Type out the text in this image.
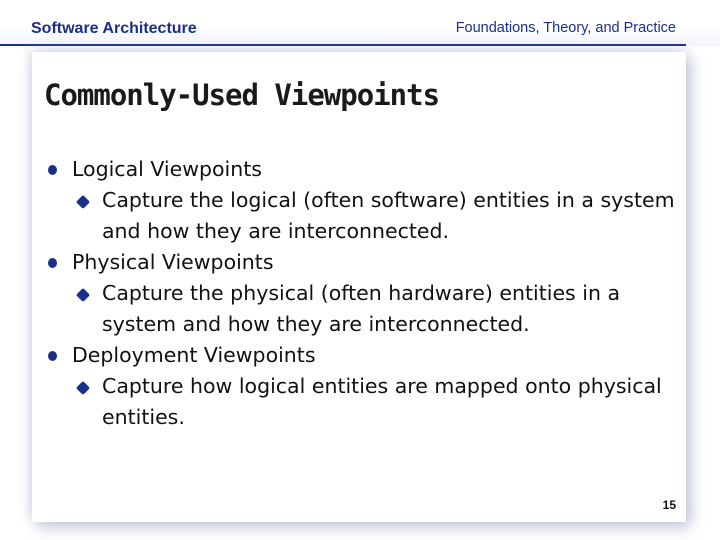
Software Architecture	Foundations, Theory, and Practice
Commonly-Used Viewpoints
Logical Viewpoints
Capture the logical (often software) entities in a system and how they are interconnected.
Physical Viewpoints
Capture the physical (often hardware) entities in a system and how they are interconnected.
Deployment Viewpoints
Capture how logical entities are mapped onto physical entities.
15
